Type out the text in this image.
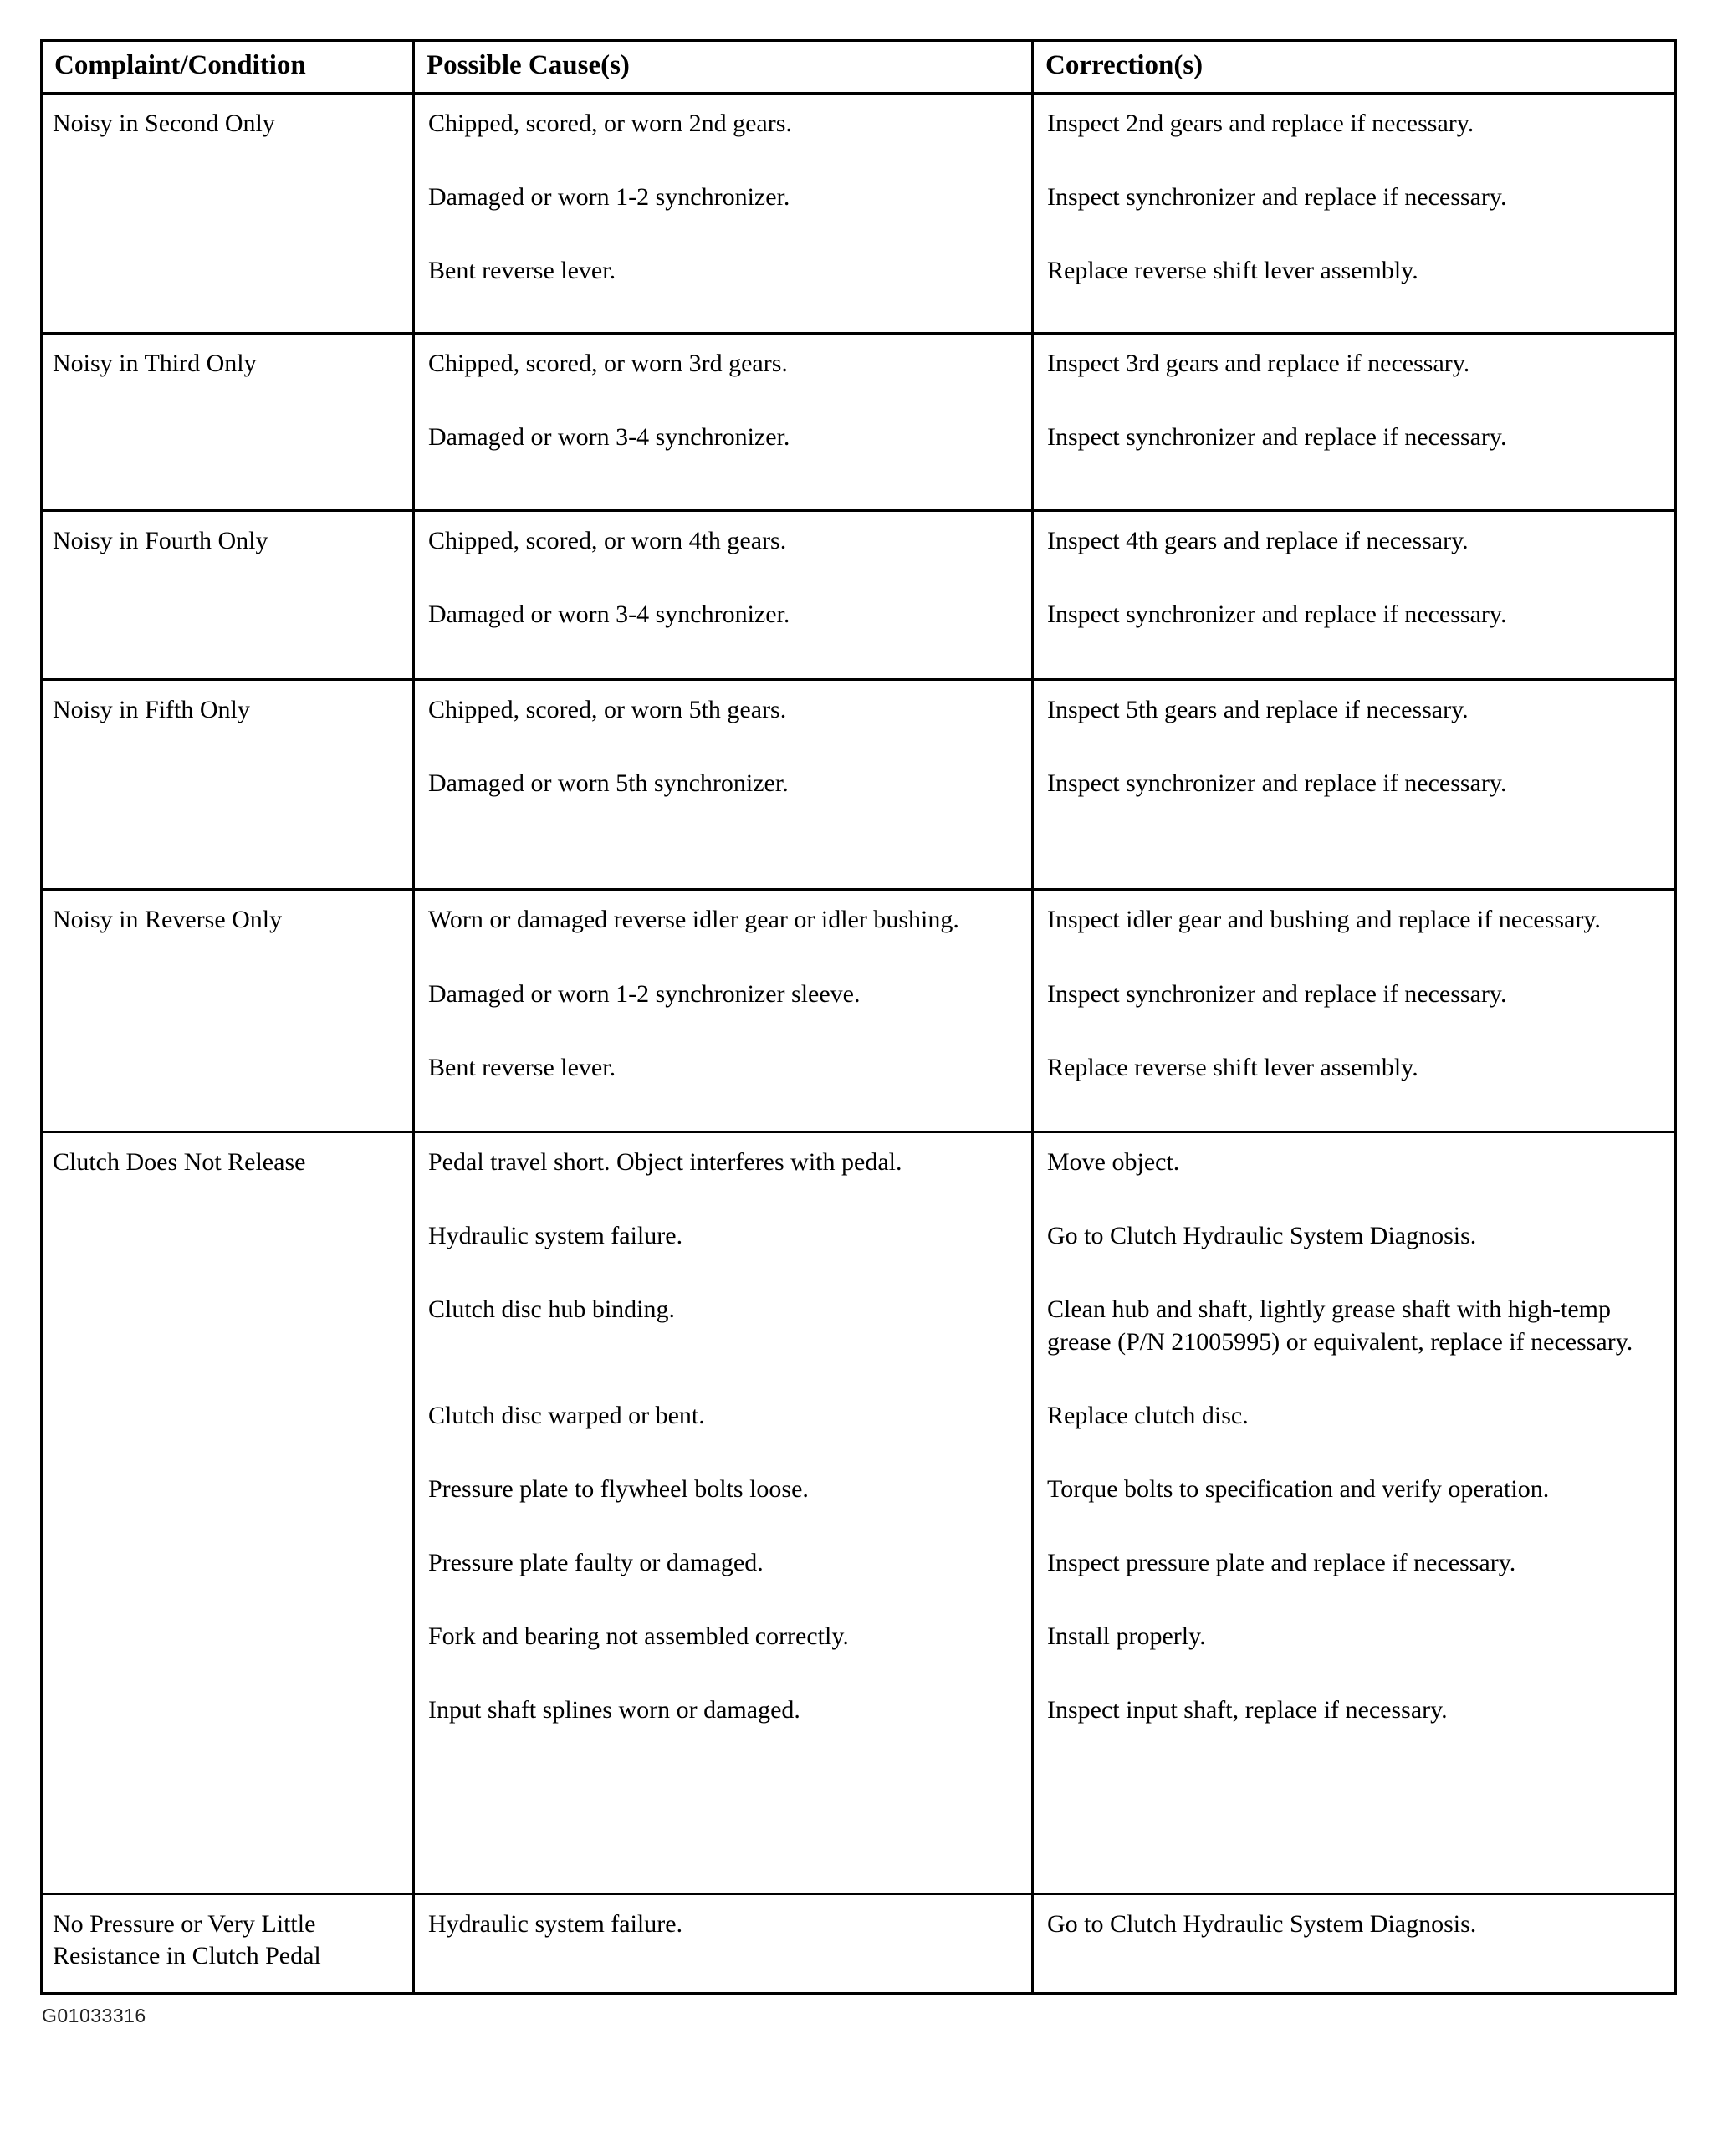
Complaint/Condition	Possible Cause(s)	Correction(s)
Noisy in Second Only	Chipped, scored, or worn 2nd gears.	Inspect 2nd gears and replace if necessary.
	Damaged or worn 1-2 synchronizer.	Inspect synchronizer and replace if necessary.
	Bent reverse lever.	Replace reverse shift lever assembly.

Noisy in Third Only	Chipped, scored, or worn 3rd gears.	Inspect 3rd gears and replace if necessary.
	Damaged or worn 3-4 synchronizer.	Inspect synchronizer and replace if necessary.

Noisy in Fourth Only	Chipped, scored, or worn 4th gears.	Inspect 4th gears and replace if necessary.
	Damaged or worn 3-4 synchronizer.	Inspect synchronizer and replace if necessary.

Noisy in Fifth Only	Chipped, scored, or worn 5th gears.	Inspect 5th gears and replace if necessary.
	Damaged or worn 5th synchronizer.	Inspect synchronizer and replace if necessary.

Noisy in Reverse Only	Worn or damaged reverse idler gear or idler bushing.	Inspect idler gear and bushing and replace if necessary.
	Damaged or worn 1-2 synchronizer sleeve.	Inspect synchronizer and replace if necessary.
	Bent reverse lever.	Replace reverse shift lever assembly.

Clutch Does Not Release	Pedal travel short. Object interferes with pedal.	Move object.
	Hydraulic system failure.	Go to Clutch Hydraulic System Diagnosis.
	Clutch disc hub binding.	Clean hub and shaft, lightly grease shaft with high-temp grease (P/N 21005995) or equivalent, replace if necessary.
	Clutch disc warped or bent.	Replace clutch disc.
	Pressure plate to flywheel bolts loose.	Torque bolts to specification and verify operation.
	Pressure plate faulty or damaged.	Inspect pressure plate and replace if necessary.
	Fork and bearing not assembled correctly.	Install properly.
	Input shaft splines worn or damaged.	Inspect input shaft, replace if necessary.

No Pressure or Very Little Resistance in Clutch Pedal	Hydraulic system failure.	Go to Clutch Hydraulic System Diagnosis.

G01033316
